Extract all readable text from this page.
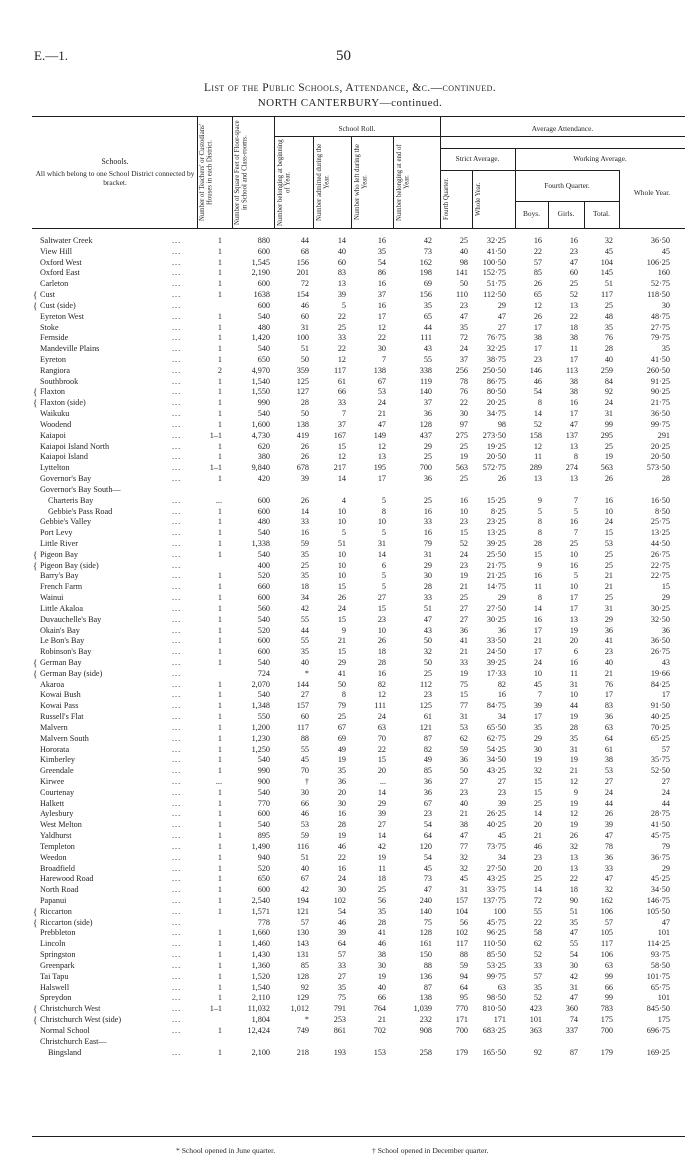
E.—1.	50
List of the Public Schools, Attendance, &c.—continued.
NORTH CANTERBURY—continued.
Schools.
All which belong to one School District connected by bracket.	Number of Teachers' or Custodians' Houses in each District.	Number of Square Feet of Floor-space in School and Class-rooms.
School Roll.
Number belonging at beginning of Year.	Number admitted during the Year.	Number who left during the Year.	Number belonging at end of Year.
Average Attendance.
Strict Average.
Fourth Quarter.	Whole Year.
Working Average.
Fourth Quarter.
Boys.	Girls.	Total.
Whole Year.
Saltwater Creek	...	1	880	44	14	16	42	25 32·25	16	16	32	36·50
View Hill	...	1	600	68	40	35	73	40 41·50	22	23	45	45
Oxford West	...	1	1,545	156	60	54	162	98 100·50	57	47	104	106·25
Oxford East	...	1	2,190	201	83	86	198	141 152·75	85	60	145	160
Carleton	...	1	600	72	13	16	69	50 51·75	26	25	51	52·75
Cust
{	...	1	1638	154	39	37	156	110 112·50	65	52	117	118·50
Cust (side)
{	...	600	46	5	16	35	23	29	12	13	25	30
Eyreton West	...	1	540	60	22	17	65	47	47	26	22	48	48·75
Stoke	...	1	480	31	25	12	44	35	27	17	18	35	27·75
Fernside	...	1	1,420	100	33	22	111	72 76·75	38	38	76	79·75
Mandeville Plains	...	1	540	51	22	30	43	24 32·25	17	11	28	35
Eyreton	...	1	650	50	12	7	55	37 38·75	23	17	40	41·50
Rangiora	...	2	4,970	359	117	138	338	256 250·50	146	113	259	260·50
Southbrook	...	1	1,540	125	61	67	119	78 86·75	46	38	84	91·25
Flaxton
{	...	1	1,550	127	66	53	140	76 80·50	54	38	92	90·25
Flaxton (side)
{	...	1	990	28	33	24	37	22 20·25	8	16	24	21·75
Waikuku	...	1	540	50	7	21	36	30 34·75	14	17	31	36·50
Woodend	...	1	1,600	138	37	47	128	97	98	52	47	99	99·75
Kaiapoi	...	1–1	4,730	419	167	149	437	275 273·50	158	137	295	291
Kaiapoi Island North	...	1	620	26	15	12	29	25 19·25	12	13	25	20·25
Kaiapoi Island	...	1	380	26	12	13	25	19 20·50	11	8	19	20·50
Lyttelton	...	1–1	9,840	678	217	195	700	563 572·75	289	274	563	573·50
Governor's Bay	...	1	420	39	14	17	36	25	26	13	13	26	28
Governor's Bay South—
Charteris Bay	...	...	600	26	4	5	25	16 15·25	9	7	16	16·50
Gebbie's Pass Road	...	1	600	14	10	8	16	10	8·25	5	5	10	8·50
Gebbie's Valley	...	1	480	33	10	10	33	23 23·25	8	16	24	25·75
Port Levy	...	1	540	16	5	5	16	15 13·25	8	7	15	13·25
Little River	...	1	1,338	59	51	31	79	52 39·25	28	25	53	44·50
Pigeon Bay
{	...	1	540	35	10	14	31	24 25·50	15	10	25	26·75
Pigeon Bay (side)
{	...	400	25	10	6	29	23 21·75	9	16	25	22·75
Barry's Bay	...	1	520	35	10	5	30	19 21·25	16	5	21	22·75
French Farm	...	1	660	18	15	5	28	21 14·75	11	10	21	15
Wainui	...	1	600	34	26	27	33	25	29	8	17	25	29
Little Akaloa	...	1	560	42	24	15	51	27 27·50	14	17	31	30·25
Duvauchelle's Bay	...	1	540	55	15	23	47	27 30·25	16	13	29	32·50
Okain's Bay	...	1	520	44	9	10	43	36	36	17	19	36	36
Le Bon's Bay	...	1	600	55	21	26	50	41 33·50	21	20	41	36·50
Robinson's Bay	...	1	600	35	15	18	32	21 24·50	17	6	23	26·75
German Bay
{	...	1	540	40	29	28	50	33 39·25	24	16	40	43
German Bay (side)
{	...	724	*	41	16	25	19 17·33	10	11	21	19·66
Akaroa	...	1	2,070	144	50	82	112	75	82	45	31	76	84·25
Kowai Bush	...	1	540	27	8	12	23	15	16	7	10	17	17
Kowai Pass	...	1	1,348	157	79	111	125	77 84·75	39	44	83	91·50
Russell's Flat	...	1	550	60	25	24	61	31	34	17	19	36	40·25
Malvern	...	1	1,200	117	67	63	121	53 65·50	35	28	63	70·25
Malvern South	...	1	1,230	88	69	70	87	62 62·75	29	35	64	65·25
Hororata	...	1	1,250	55	49	22	82	59 54·25	30	31	61	57
Kimberley	...	1	540	45	19	15	49	36 34·50	19	19	38	35·75
Greendale	...	1	990	70	35	20	85	50 43·25	32	21	53	52·50
Kirwee	...	...	900	†	36	...	36	27	27	15	12	27	27
Courtenay	...	1	540	30	20	14	36	23	23	15	9	24	24
Halkett	...	1	770	66	30	29	67	40	39	25	19	44	44
Aylesbury	...	1	600	46	16	39	23	21 26·25	14	12	26	28·75
West Melton	...	1	540	53	28	27	54	38 40·25	20	19	39	41·50
Yaldhurst	...	1	895	59	19	14	64	47	45	21	26	47	45·75
Templeton	...	1	1,490	116	46	42	120	77 73·75	46	32	78	79
Weedon	...	1	940	51	22	19	54	32	34	23	13	36	36·75
Broadfield	...	1	520	40	16	11	45	32 27·50	20	13	33	29
Harewood Road	...	1	650	67	24	18	73	45 43·25	25	22	47	45·25
North Road	...	1	600	42	30	25	47	31 33·75	14	18	32	34·50
Papanui	...	1	2,540	194	102	56	240	157 137·75	72	90	162	146·75
Riccarton
{	...	1	1,571	121	54	35	140	104	100	55	51	106	105·50
Riccarton (side)
{	...	778	57	46	28	75	56 45·75	22	35	57	47
Prebbleton	...	1	1,660	130	39	41	128	102 96·25	58	47	105	101
Lincoln	...	1	1,460	143	64	46	161	117 110·50	62	55	117	114·25
Springston	...	1	1,430	131	57	38	150	88 85·50	52	54	106	93·75
Greenpark	...	1	1,360	85	33	30	88	59 53·25	33	30	63	58·50
Tai Tapu	...	1	1,520	128	27	19	136	94 99·75	57	42	99	101·75
Halswell	...	1	1,540	92	35	40	87	64	63	35	31	66	65·75
Spreydon	...	1	2,110	129	75	66	138	95 98·50	52	47	99	101
Christchurch West
{	...	1–1	11,032	1,012	791	764	1,039	770 810·50	423	360	783	845·50
Christchurch West (side)
{	...	1,804	*	253	21	232	171	171	101	74	175	175
Normal School	...	1	12,424	749	861	702	908	700 683·25	363	337	700	696·75
Christchurch East—
Bingsland	...	1	2,100	218	193	153	258	179 165·50	92	87	179	169·25
* School opened in June quarter.	† School opened in December quarter.
